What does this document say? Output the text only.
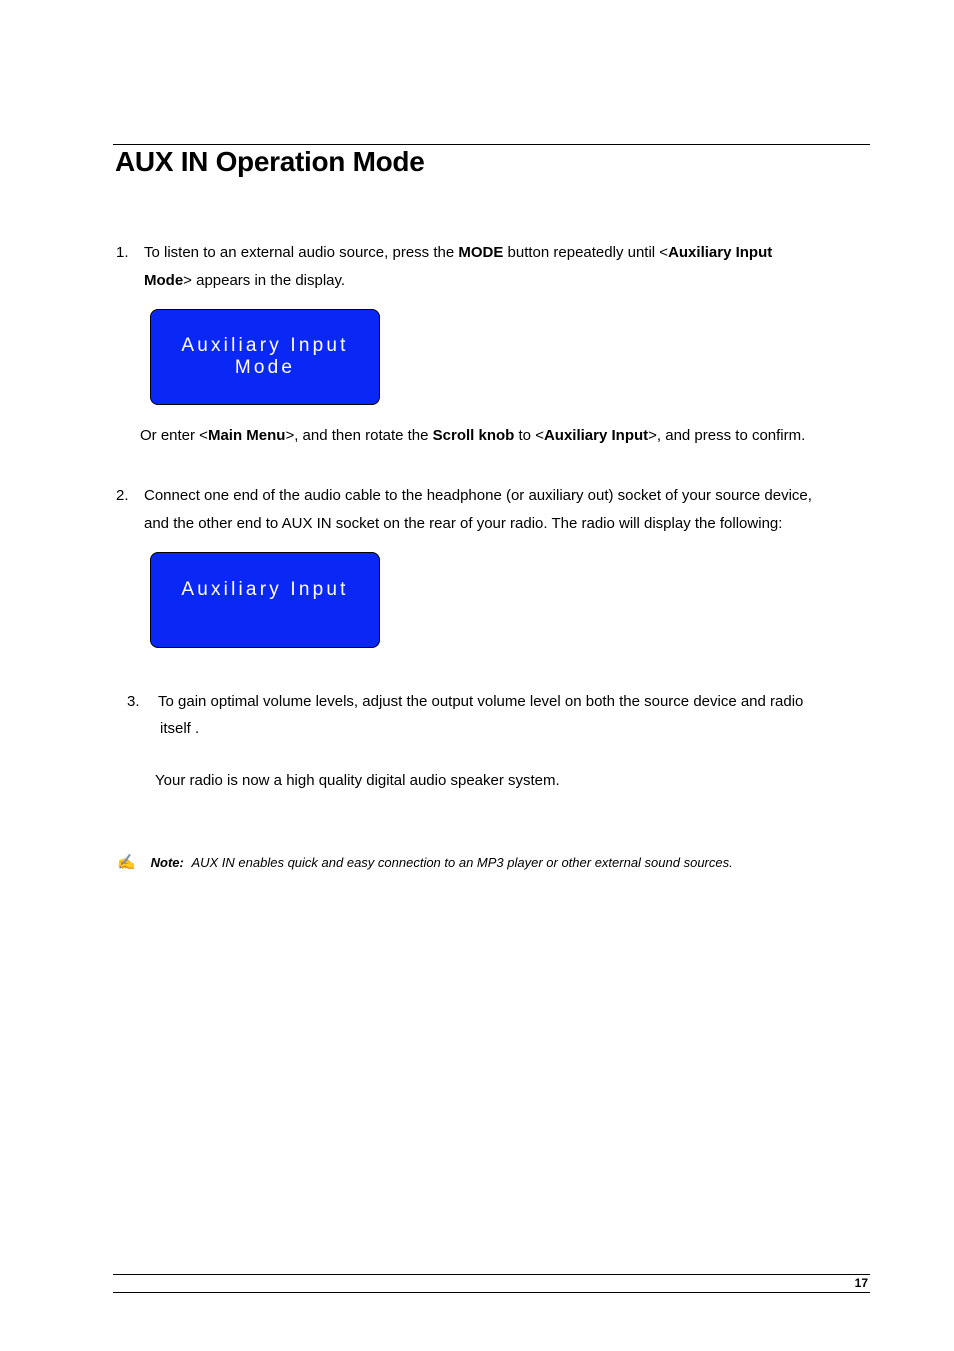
AUX IN Operation Mode
1. To listen to an external audio source, press the MODE button repeatedly until <Auxiliary Input
Mode> appears in the display.

Auxiliary Input
Mode

Or enter <Main Menu>, and then rotate the Scroll knob to <Auxiliary Input>, and press to confirm.

2. Connect one end of the audio cable to the headphone (or auxiliary out) socket of your source device,
and the other end to AUX IN socket on the rear of your radio. The radio will display the following:

Auxiliary Input
3. To gain optimal volume levels, adjust the output volume level on both the source device and radio
itself .

Your radio is now a high quality digital audio speaker system.

✍ Note: AUX IN enables quick and easy connection to an MP3 player or other external sound sources.
17
